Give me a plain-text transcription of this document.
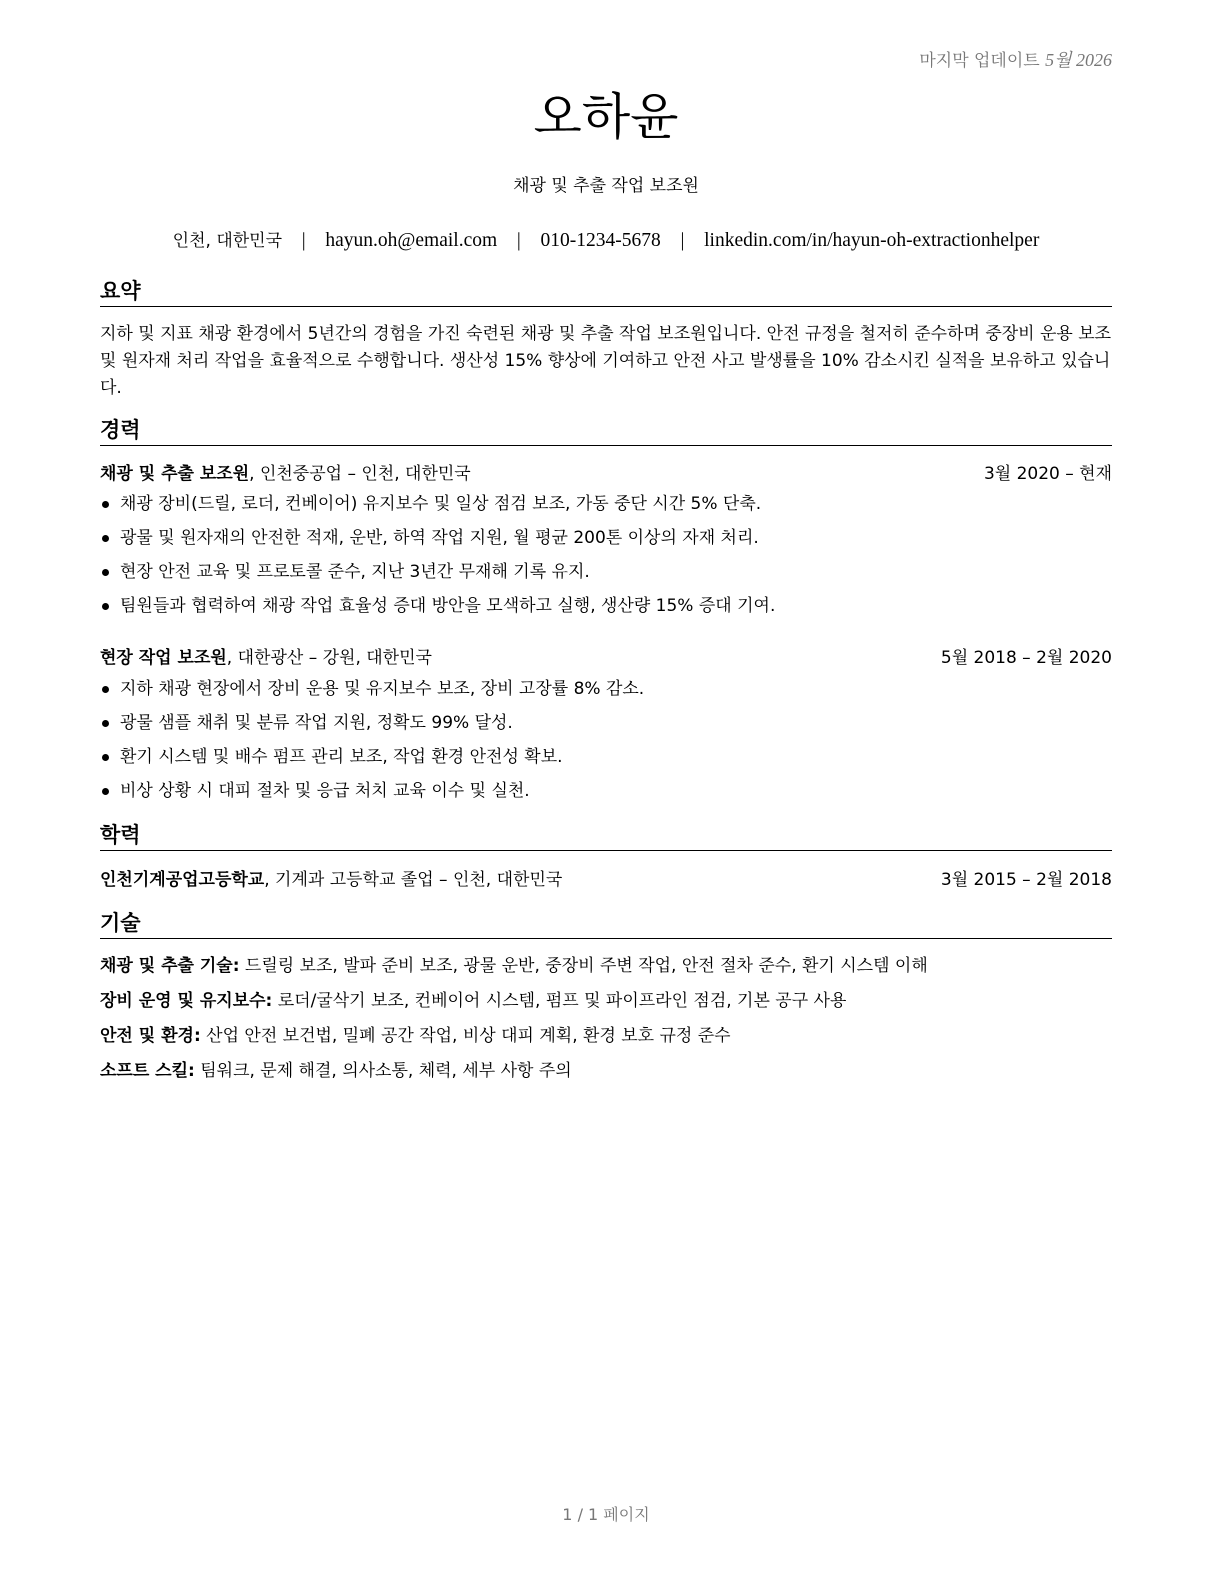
마지막 업데이트 5월 2026
오하윤
채광 및 추출 작업 보조원
인천, 대한민국 | hayun.oh@email.com | 010-1234-5678 | linkedin.com/in/hayun-oh-extractionhelper
요약
지하 및 지표 채광 환경에서 5년간의 경험을 가진 숙련된 채광 및 추출 작업 보조원입니다. 안전 규정을 철저히 준수하며 중장비 운용 보조 및 원자재 처리 작업을 효율적으로 수행합니다. 생산성 15% 향상에 기여하고 안전 사고 발생률을 10% 감소시킨 실적을 보유하고 있습니다.
경력
채광 및 추출 보조원, 인천중공업 – 인천, 대한민국	3월 2020 – 현재
채광 장비(드릴, 로더, 컨베이어) 유지보수 및 일상 점검 보조, 가동 중단 시간 5% 단축.
광물 및 원자재의 안전한 적재, 운반, 하역 작업 지원, 월 평균 200톤 이상의 자재 처리.
현장 안전 교육 및 프로토콜 준수, 지난 3년간 무재해 기록 유지.
팀원들과 협력하여 채광 작업 효율성 증대 방안을 모색하고 실행, 생산량 15% 증대 기여.
현장 작업 보조원, 대한광산 – 강원, 대한민국	5월 2018 – 2월 2020
지하 채광 현장에서 장비 운용 및 유지보수 보조, 장비 고장률 8% 감소.
광물 샘플 채취 및 분류 작업 지원, 정확도 99% 달성.
환기 시스템 및 배수 펌프 관리 보조, 작업 환경 안전성 확보.
비상 상황 시 대피 절차 및 응급 처치 교육 이수 및 실천.
학력
인천기계공업고등학교, 기계과 고등학교 졸업 – 인천, 대한민국	3월 2015 – 2월 2018
기술
채광 및 추출 기술: 드릴링 보조, 발파 준비 보조, 광물 운반, 중장비 주변 작업, 안전 절차 준수, 환기 시스템 이해
장비 운영 및 유지보수: 로더/굴삭기 보조, 컨베이어 시스템, 펌프 및 파이프라인 점검, 기본 공구 사용
안전 및 환경: 산업 안전 보건법, 밀폐 공간 작업, 비상 대피 계획, 환경 보호 규정 준수
소프트 스킬: 팀워크, 문제 해결, 의사소통, 체력, 세부 사항 주의
1 / 1 페이지
